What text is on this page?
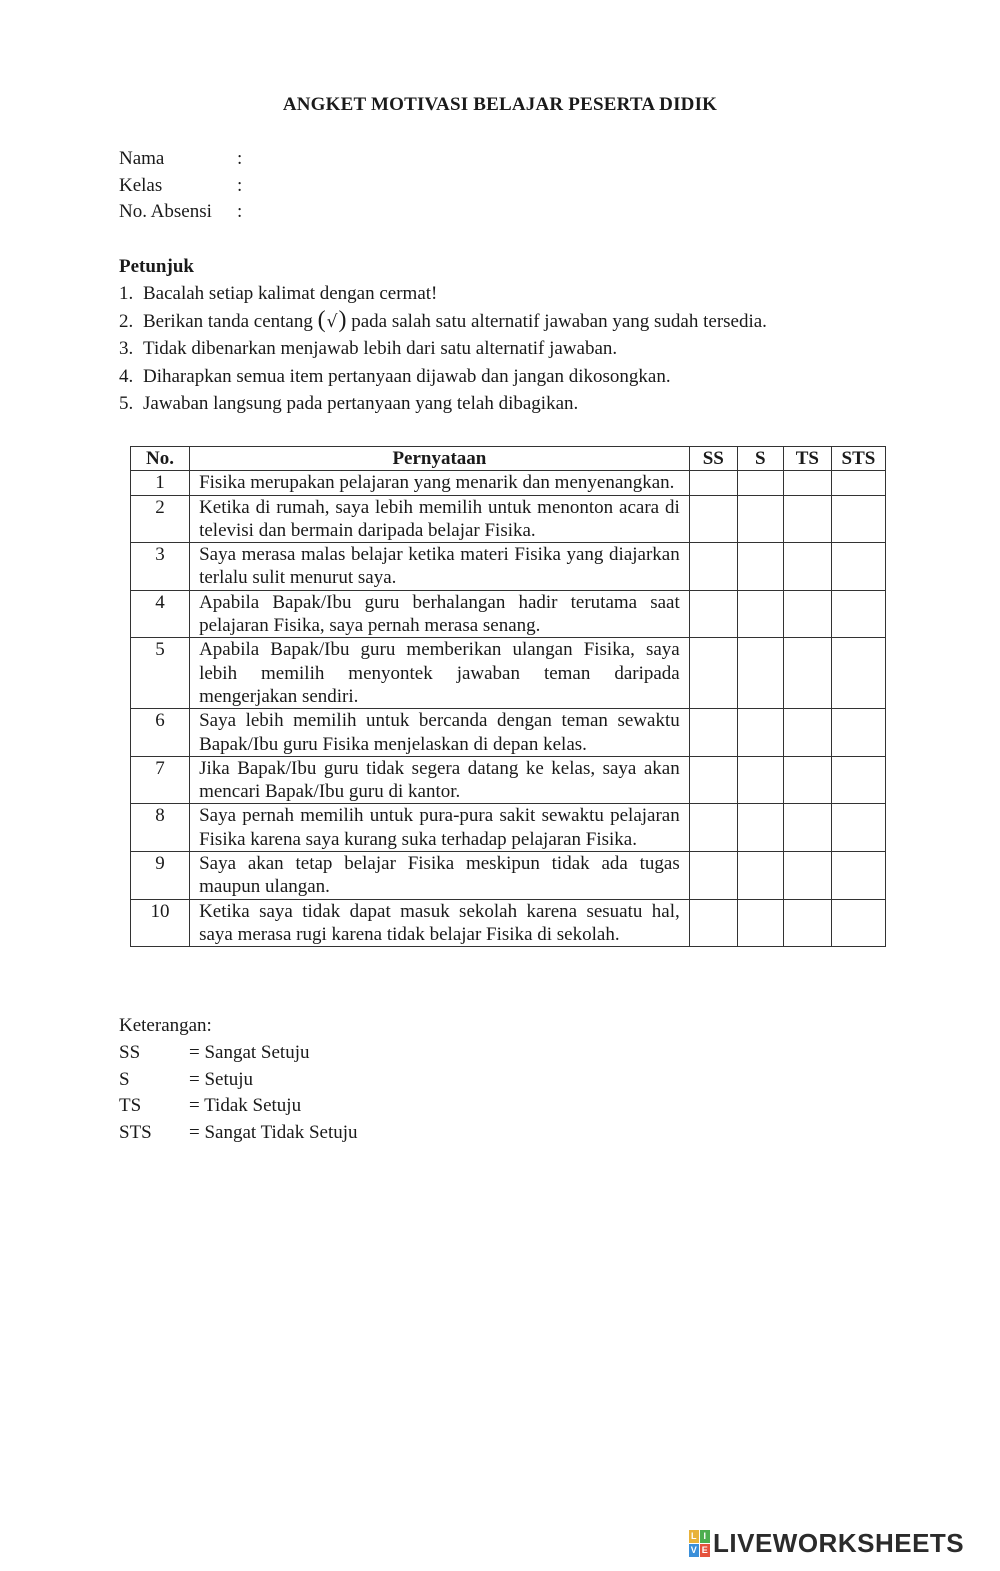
ANGKET MOTIVASI BELAJAR PESERTA DIDIK
Nama	:
Kelas	:
No. Absensi	:
Petunjuk
1. Bacalah setiap kalimat dengan cermat!
2. Berikan tanda centang (√) pada salah satu alternatif jawaban yang sudah tersedia.
3. Tidak dibenarkan menjawab lebih dari satu alternatif jawaban.
4. Diharapkan semua item pertanyaan dijawab dan jangan dikosongkan.
5. Jawaban langsung pada pertanyaan yang telah dibagikan.
No.	Pernyataan	SS	S	TS	STS
1	Fisika merupakan pelajaran yang menarik dan menyenangkan.				
2	Ketika di rumah, saya lebih memilih untuk menonton acara di televisi dan bermain daripada belajar Fisika.				
3	Saya merasa malas belajar ketika materi Fisika yang diajarkan terlalu sulit menurut saya.				
4	Apabila Bapak/Ibu guru berhalangan hadir terutama saat pelajaran Fisika, saya pernah merasa senang.				
5	Apabila Bapak/Ibu guru memberikan ulangan Fisika, saya lebih memilih menyontek jawaban teman daripada mengerjakan sendiri.				
6	Saya lebih memilih untuk bercanda dengan teman sewaktu Bapak/Ibu guru Fisika menjelaskan di depan kelas.				
7	Jika Bapak/Ibu guru tidak segera datang ke kelas, saya akan mencari Bapak/Ibu guru di kantor.				
8	Saya pernah memilih untuk pura-pura sakit sewaktu pelajaran Fisika karena saya kurang suka terhadap pelajaran Fisika.				
9	Saya akan tetap belajar Fisika meskipun tidak ada tugas maupun ulangan.				
10	Ketika saya tidak dapat masuk sekolah karena sesuatu hal, saya merasa rugi karena tidak belajar Fisika di sekolah.				
Keterangan:
SS	= Sangat Setuju
S	= Setuju
TS	= Tidak Setuju
STS	= Sangat Tidak Setuju
L I
V E LIVEWORKSHEETS
